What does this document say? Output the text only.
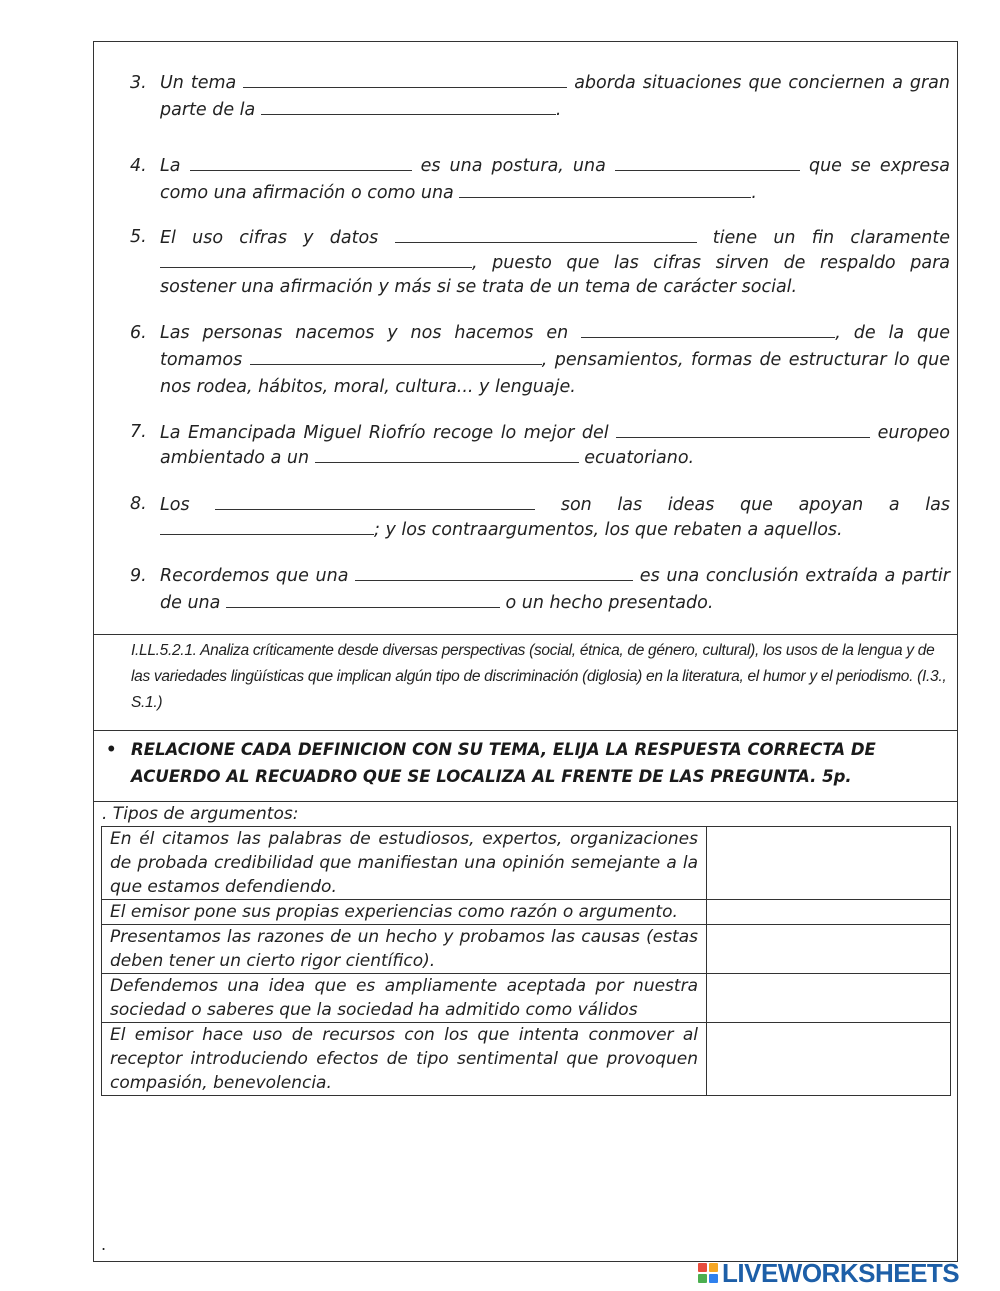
3. Un tema	aborda situaciones que conciernen a gran parte de la	.
4. La	es una postura, una	que se expresa como una afirmación o como una	.
5. El uso cifras y datos	tiene un fin claramente , puesto que las cifras sirven de respaldo para sostener una afirmación y más si se trata de un tema de carácter social.
6. Las personas nacemos y nos hacemos en	, de la que tomamos	, pensamientos, formas de estructurar lo que nos rodea, hábitos, moral, cultura... y lenguaje.
7. La Emancipada Miguel Riofrío recoge lo mejor del	europeo ambientado a un	ecuatoriano.
8. Los	son las ideas que apoyan a las ; y los contraargumentos, los que rebaten a aquellos.
9. Recordemos que una	es una conclusión extraída a partir de una	o un hecho presentado.
I.LL.5.2.1. Analiza críticamente desde diversas perspectivas (social, étnica, de género, cultural), los usos de la lengua y de las variedades lingüísticas que implican algún tipo de discriminación (diglosia) en la literatura, el humor y el periodismo. (I.3., S.1.)
• RELACIONE CADA DEFINICION CON SU TEMA, ELIJA LA RESPUESTA CORRECTA DE ACUERDO AL RECUADRO QUE SE LOCALIZA AL FRENTE DE LAS PREGUNTA. 5p.
. Tipos de argumentos:
En él citamos las palabras de estudiosos, expertos, organizaciones de probada credibilidad que manifiestan una opinión semejante a la que estamos defendiendo.	
El emisor pone sus propias experiencias como razón o argumento.	
Presentamos las razones de un hecho y probamos las causas (estas deben tener un cierto rigor científico).	
Defendemos una idea que es ampliamente aceptada por nuestra sociedad o saberes que la sociedad ha admitido como válidos	
El emisor hace uso de recursos con los que intenta conmover al receptor introduciendo efectos de tipo sentimental que provoquen compasión, benevolencia.	
.
LIVEWORKSHEETS
